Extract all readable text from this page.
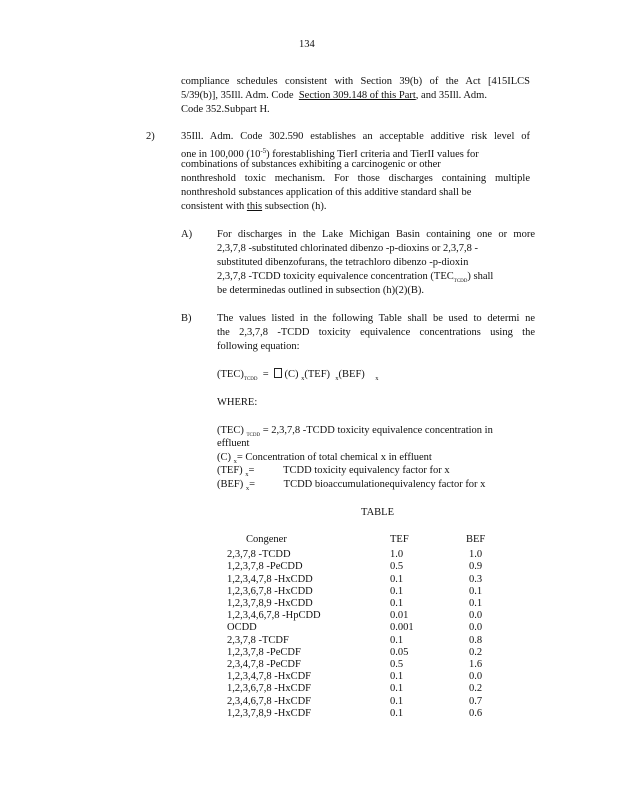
134
compliance schedules consistent with Section 39(b) of the Act [415ILCS
5/39(b)], 35Ill. Adm. Code Section 309.148 of this Part, and 35Ill. Adm.
Code 352.Subpart H.
2)	35Ill. Adm. Code 302.590 establishes an acceptable additive risk level of
one in 100,000 $(10^{-5})$ forestablishing TierI criteria and TierII values for
combinations of substances exhibiting a carcinogenic or other
nonthreshold toxic mechanism. For those discharges containing multiple
nonthreshold substances application of this additive standard shall be
consistent with this subsection (h).
A) For discharges in the Lake Michigan Basin containing one or more
2,3,7,8 -substituted chlorinated dibenzo -p-dioxins or 2,3,7,8 -
substituted dibenzofurans, the tetrachloro dibenzo -p-dioxin
2,3,7,8 -TCDD toxicity equivalence concentration $(TEC_{TCDD})$ shall
be determinedas outlined in subsection (h)(2)(B).
B) The values listed in the following Table shall be used to determi ne
the 2,3,7,8 -TCDD toxicity equivalence concentrations using the
following equation:
$(TEC)_{TCDD} = (C)$ $_x$(TEF) $_x$(BEF) $_x$
WHERE:
(TEC) $_{TCDD}$ = 2,3,7,8 -TCDD toxicity equivalence concentration in
effluent
(C) $_x$= Concentration of total chemical x in effluent
(TEF) $_x$=	TCDD toxicity equivalency factor for x
(BEF) $_x$=	TCDD bioaccumulationequivalency factor for x
TABLE
Congener	TEF	BEF

2,3,7,8 -TCDD	1.0	1.0
1,2,3,7,8 -PeCDD	0.5	0.9
1,2,3,4,7,8 -HxCDD	0.1	0.3
1,2,3,6,7,8 -HxCDD	0.1	0.1
1,2,3,7,8,9 -HxCDD	0.1	0.1
1,2,3,4,6,7,8 -HpCDD	0.01	0.0
OCDD	0.001	0.0
2,3,7,8 -TCDF	0.1	0.8
1,2,3,7,8 -PeCDF	0.05	0.2
2,3,4,7,8 -PeCDF	0.5	1.6
1,2,3,4,7,8 -HxCDF	0.1	0.0
1,2,3,6,7,8 -HxCDF	0.1	0.2
2,3,4,6,7,8 -HxCDF	0.1	0.7
1,2,3,7,8,9 -HxCDF	0.1	0.6
